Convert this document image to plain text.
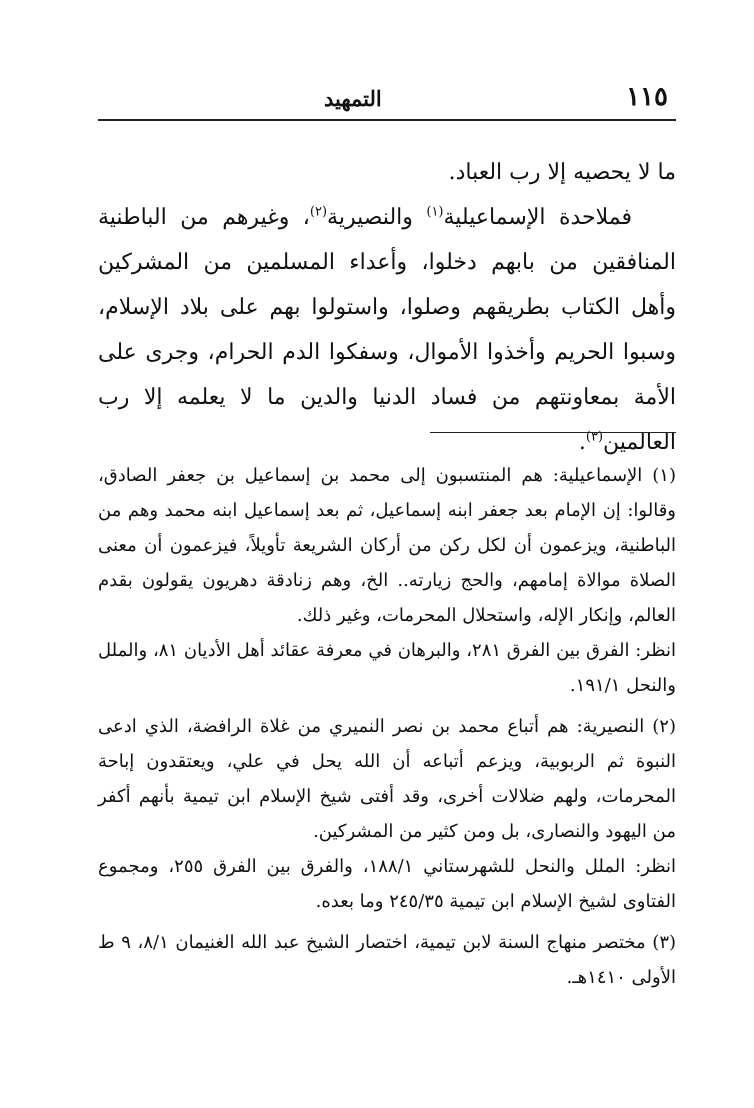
١١٥
التمهيد

ما لا يحصيه إلا رب العباد.

فملاحدة الإسماعيلية$^{(١)}$ والنصيرية$^{(٢)}$، وغيرهم من الباطنية المنافقين من بابهم دخلوا، وأعداء المسلمين من المشركين وأهل الكتاب بطريقهم وصلوا، واستولوا بهم على بلاد الإسلام، وسبوا الحريم وأخذوا الأموال، وسفكوا الدم الحرام، وجرى على الأمة بمعاونتهم من فساد الدنيا والدين ما لا يعلمه إلا رب العالمين$^{(٣)}$.

(١) الإسماعيلية: هم المنتسبون إلى محمد بن إسماعيل بن جعفر الصادق، وقالوا: إن الإمام بعد جعفر ابنه إسماعيل، ثم بعد إسماعيل ابنه محمد وهم من الباطنية، ويزعمون أن لكل ركن من أركان الشريعة تأويلاً، فيزعمون أن معنى الصلاة موالاة إمامهم، والحج زيارته.. الخ، وهم زنادقة دهريون يقولون بقدم العالم، وإنكار الإله، واستحلال المحرمات، وغير ذلك.

انظر: الفرق بين الفرق ٢٨١، والبرهان في معرفة عقائد أهل الأديان ٨١، والملل والنحل ١٩١/١.

(٢) النصيرية: هم أتباع محمد بن نصر النميري من غلاة الرافضة، الذي ادعى النبوة ثم الربوبية، ويزعم أتباعه أن الله يحل في علي، ويعتقدون إباحة المحرمات، ولهم ضلالات أخرى، وقد أفتى شيخ الإسلام ابن تيمية بأنهم أكفر من اليهود والنصارى، بل ومن كثير من المشركين.

انظر: الملل والنحل للشهرستاني ١٨٨/١، والفرق بين الفرق ٢٥٥، ومجموع الفتاوى لشيخ الإسلام ابن تيمية ٢٤٥/٣٥ وما بعده.

(٣) مختصر منهاج السنة لابن تيمية، اختصار الشيخ عبد الله الغنيمان ٨/١، ٩ ط الأولى ١٤١٠هـ.
